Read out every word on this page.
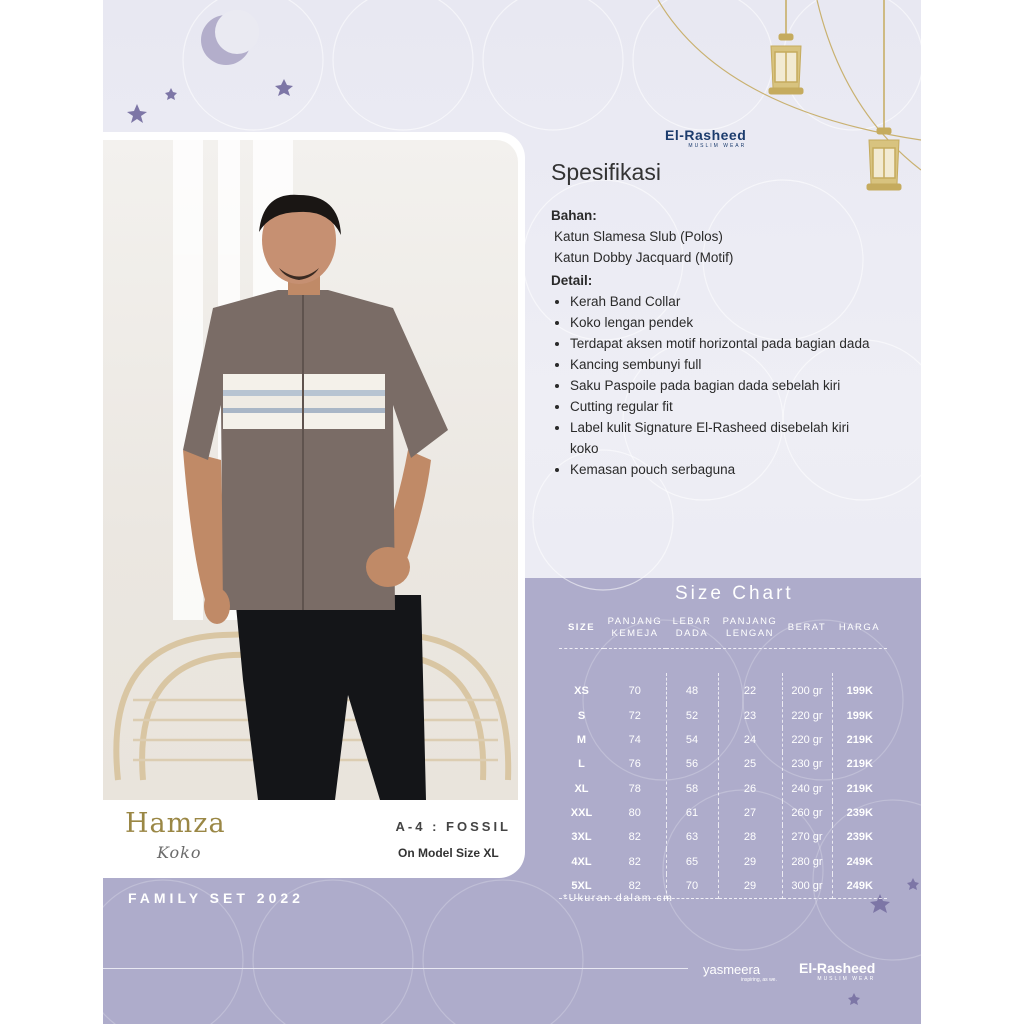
Hamza
Koko
A-4 : FOSSIL
On Model Size XL
FAMILY SET 2022
El-Rasheed
MUSLIM WEAR
Spesifikasi
Bahan:
Katun Slamesa Slub (Polos)
Katun Dobby Jacquard (Motif)
Detail:
• Kerah Band Collar
• Koko lengan pendek
• Terdapat aksen motif horizontal pada bagian dada
• Kancing sembunyi full
• Saku Paspoile pada bagian dada sebelah kiri
• Cutting regular fit
• Label kulit Signature El-Rasheed disebelah kiri koko
• Kemasan pouch serbaguna
Size Chart
SIZE	PANJANG KEMEJA	LEBAR DADA	PANJANG LENGAN	BERAT	HARGA

XS	70	48	22	200 gr	199K
S	72	52	23	220 gr	199K
M	74	54	24	220 gr	219K
L	76	56	25	230 gr	219K
XL	78	58	26	240 gr	219K
XXL	80	61	27	260 gr	239K
3XL	82	63	28	270 gr	239K
4XL	82	65	29	280 gr	249K
5XL	82	70	29	300 gr	249K

*Ukuran dalam cm
yasmeera
inspiring, as we.
El-Rasheed
MUSLIM WEAR
